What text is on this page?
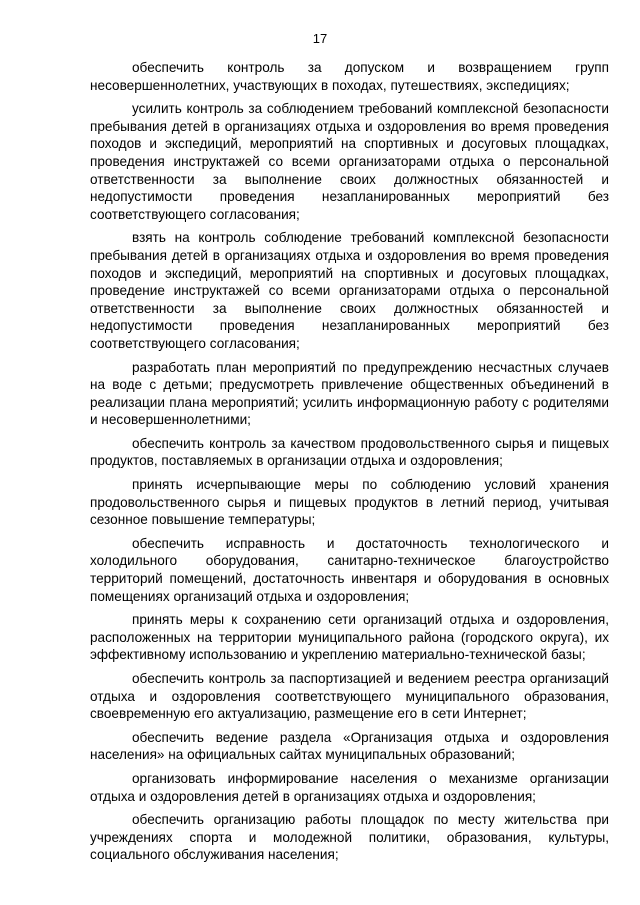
17

обеспечить контроль за допуском и возвращением групп несовершеннолетних, участвующих в походах, путешествиях, экспедициях;

усилить контроль за соблюдением требований комплексной безопасности пребывания детей в организациях отдыха и оздоровления во время проведения походов и экспедиций, мероприятий на спортивных и досуговых площадках, проведения инструктажей со всеми организаторами отдыха о персональной ответственности за выполнение своих должностных обязанностей и недопустимости проведения незапланированных мероприятий без соответствующего согласования;

взять на контроль соблюдение требований комплексной безопасности пребывания детей в организациях отдыха и оздоровления во время проведения походов и экспедиций, мероприятий на спортивных и досуговых площадках, проведение инструктажей со всеми организаторами отдыха о персональной ответственности за выполнение своих должностных обязанностей и недопустимости проведения незапланированных мероприятий без соответствующего согласования;

разработать план мероприятий по предупреждению несчастных случаев на воде с детьми; предусмотреть привлечение общественных объединений в реализации плана мероприятий; усилить информационную работу с родителями и несовершеннолетними;

обеспечить контроль за качеством продовольственного сырья и пищевых продуктов, поставляемых в организации отдыха и оздоровления;

принять исчерпывающие меры по соблюдению условий хранения продовольственного сырья и пищевых продуктов в летний период, учитывая сезонное повышение температуры;

обеспечить исправность и достаточность технологического и холодильного оборудования, санитарно-техническое благоустройство территорий помещений, достаточность инвентаря и оборудования в основных помещениях организаций отдыха и оздоровления;

принять меры к сохранению сети организаций отдыха и оздоровления, расположенных на территории муниципального района (городского округа), их эффективному использованию и укреплению материально-технической базы;

обеспечить контроль за паспортизацией и ведением реестра организаций отдыха и оздоровления соответствующего муниципального образования, своевременную его актуализацию, размещение его в сети Интернет;

обеспечить ведение раздела «Организация отдыха и оздоровления населения» на официальных сайтах муниципальных образований;

организовать информирование населения о механизме организации отдыха и оздоровления детей в организациях отдыха и оздоровления;

обеспечить организацию работы площадок по месту жительства при учреждениях спорта и молодежной политики, образования, культуры, социального обслуживания населения;
